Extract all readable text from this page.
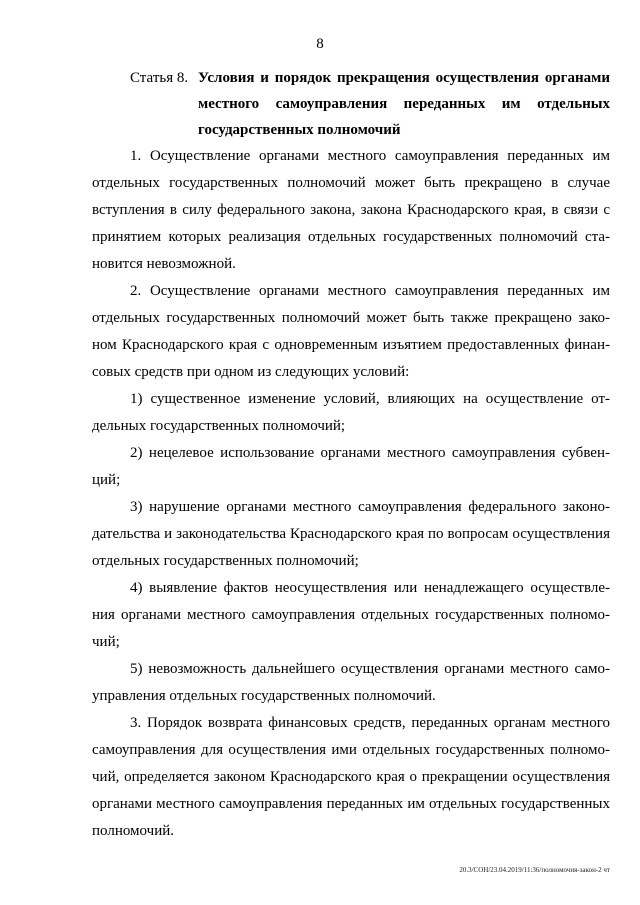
8
Статья 8. Условия и порядок прекращения осуществления органами местного самоуправления переданных им отдельных государственных полномочий

1. Осуществление органами местного самоуправления переданных им отдельных государственных полномочий может быть прекращено в случае вступления в силу федерального закона, закона Краснодарского края, в связи с принятием которых реализация отдельных государственных полномочий становится невозможной.

2. Осуществление органами местного самоуправления переданных им отдельных государственных полномочий может быть также прекращено законом Краснодарского края с одновременным изъятием предоставленных финансовых средств при одном из следующих условий:

1) существенное изменение условий, влияющих на осуществление отдельных государственных полномочий;

2) нецелевое использование органами местного самоуправления субвенций;

3) нарушение органами местного самоуправления федерального законодательства и законодательства Краснодарского края по вопросам осуществления отдельных государственных полномочий;

4) выявление фактов неосуществления или ненадлежащего осуществления органами местного самоуправления отдельных государственных полномочий;

5) невозможность дальнейшего осуществления органами местного самоуправления отдельных государственных полномочий.

3. Порядок возврата финансовых средств, переданных органам местного самоуправления для осуществления ими отдельных государственных полномочий, определяется законом Краснодарского края о прекращении осуществления органами местного самоуправления переданных им отдельных государственных полномочий.

20.3/СОН/23.04.2019/11:36/полномочия-закон-2 чт
